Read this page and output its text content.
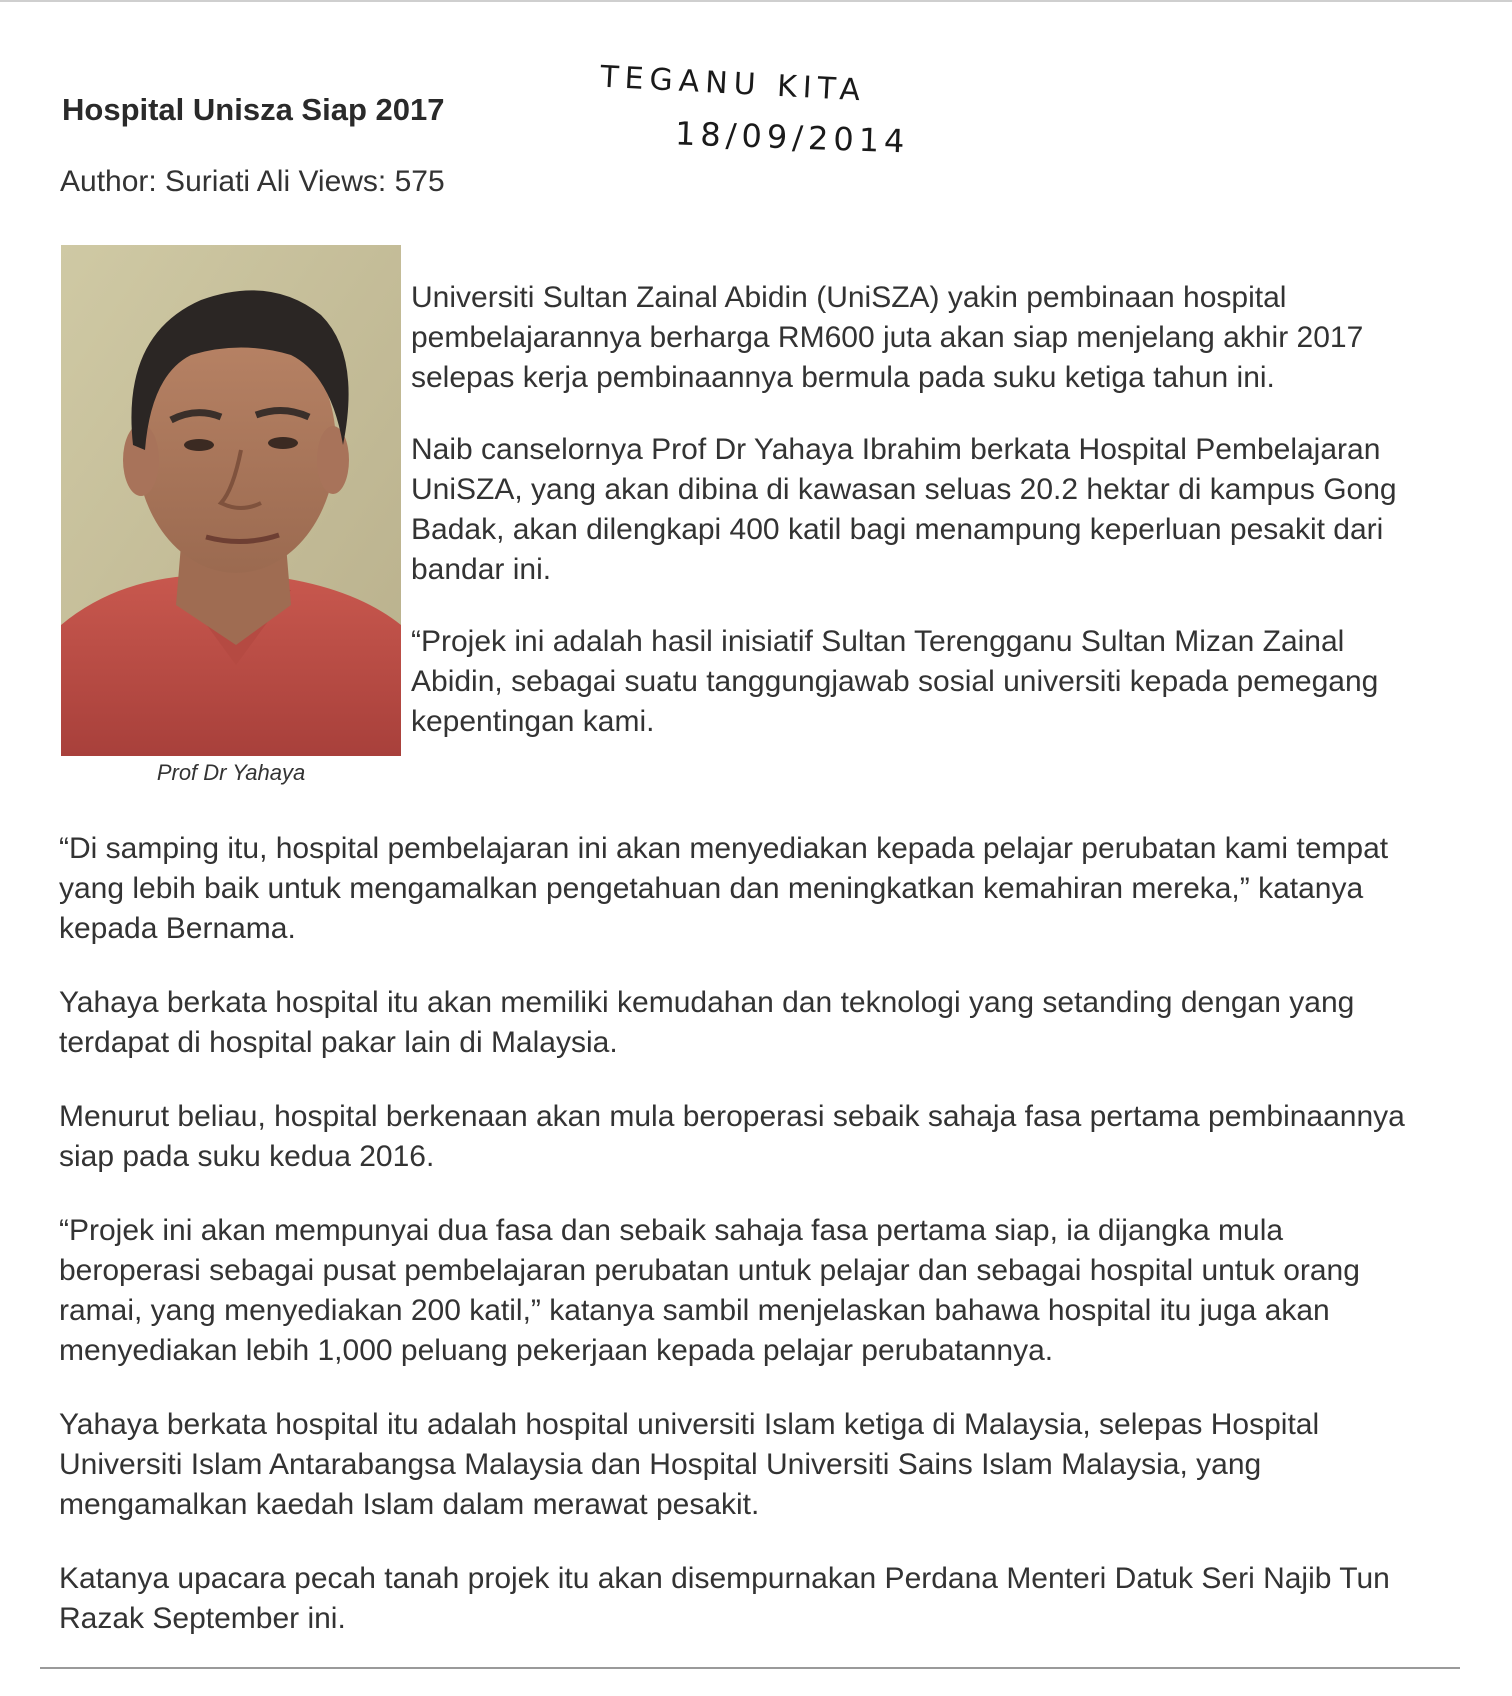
Hospital Unisza Siap 2017
Author: Suriati Ali Views: 575
TEGANU KITA
18/09/2014
Prof Dr Yahaya

Universiti Sultan Zainal Abidin (UniSZA) yakin pembinaan hospital pembelajarannya berharga RM600 juta akan siap menjelang akhir 2017 selepas kerja pembinaannya bermula pada suku ketiga tahun ini.

Naib canselornya Prof Dr Yahaya Ibrahim berkata Hospital Pembelajaran UniSZA, yang akan dibina di kawasan seluas 20.2 hektar di kampus Gong Badak, akan dilengkapi 400 katil bagi menampung keperluan pesakit dari bandar ini.

“Projek ini adalah hasil inisiatif Sultan Terengganu Sultan Mizan Zainal Abidin, sebagai suatu tanggungjawab sosial universiti kepada pemegang kepentingan kami.

“Di samping itu, hospital pembelajaran ini akan menyediakan kepada pelajar perubatan kami tempat yang lebih baik untuk mengamalkan pengetahuan dan meningkatkan kemahiran mereka,” katanya kepada Bernama.

Yahaya berkata hospital itu akan memiliki kemudahan dan teknologi yang setanding dengan yang terdapat di hospital pakar lain di Malaysia.

Menurut beliau, hospital berkenaan akan mula beroperasi sebaik sahaja fasa pertama pembinaannya siap pada suku kedua 2016.

“Projek ini akan mempunyai dua fasa dan sebaik sahaja fasa pertama siap, ia dijangka mula beroperasi sebagai pusat pembelajaran perubatan untuk pelajar dan sebagai hospital untuk orang ramai, yang menyediakan 200 katil,” katanya sambil menjelaskan bahawa hospital itu juga akan menyediakan lebih 1,000 peluang pekerjaan kepada pelajar perubatannya.

Yahaya berkata hospital itu adalah hospital universiti Islam ketiga di Malaysia, selepas Hospital Universiti Islam Antarabangsa Malaysia dan Hospital Universiti Sains Islam Malaysia, yang mengamalkan kaedah Islam dalam merawat pesakit.

Katanya upacara pecah tanah projek itu akan disempurnakan Perdana Menteri Datuk Seri Najib Tun Razak September ini.
